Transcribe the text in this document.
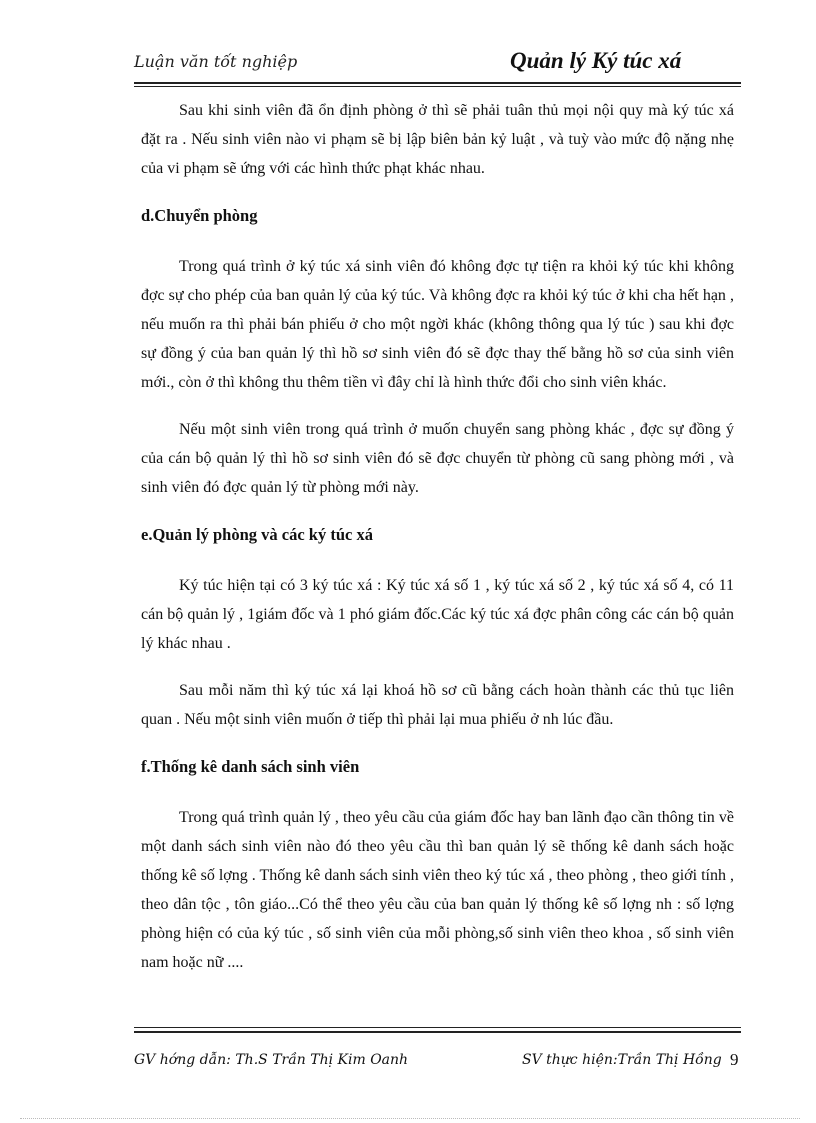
Luận văn tốt nghiệp	Quản lý Ký túc xá

Sau khi sinh viên đã ổn định phòng ở thì sẽ phải tuân thủ mọi nội quy mà ký túc xá đặt ra . Nếu sinh viên nào vi phạm sẽ bị lập biên bản kỷ luật , và tuỳ vào mức độ nặng nhẹ của vi phạm sẽ ứng với các hình thức phạt khác nhau.

d.Chuyển phòng

Trong quá trình ở ký túc xá sinh viên đó không đợc tự tiện ra khỏi ký túc khi không đợc sự cho phép của ban quản lý của ký túc. Và không đợc ra khỏi ký túc ở khi cha hết hạn , nếu muốn ra thì phải bán phiếu ở cho một ngời khác (không thông qua lý túc ) sau khi đợc sự đồng ý của ban quản lý thì hồ sơ sinh viên đó sẽ đợc thay thế bằng hồ sơ của sinh viên mới., còn ở thì không thu thêm tiền vì đây chỉ là hình thức đổi cho sinh viên khác.

Nếu một sinh viên trong quá trình ở muốn chuyển sang phòng khác , đợc sự đồng ý của cán bộ quản lý thì hồ sơ sinh viên đó sẽ đợc chuyển từ phòng cũ sang phòng mới , và sinh viên đó đợc quản lý từ phòng mới này.

e.Quản lý phòng và các ký túc xá

Ký túc hiện tại có 3 ký túc xá : Ký túc xá số 1 , ký túc xá số 2 , ký túc xá số 4, có 11 cán bộ quản lý , 1giám đốc và 1 phó giám đốc.Các ký túc xá đợc phân công các cán bộ quản lý khác nhau .

Sau mỗi năm thì ký túc xá lại khoá hồ sơ cũ bằng cách hoàn thành các thủ tục liên quan . Nếu một sinh viên muốn ở tiếp thì phải lại mua phiếu ở nh lúc đầu.

f.Thống kê danh sách sinh viên

Trong quá trình quản lý , theo yêu cầu của giám đốc hay ban lãnh đạo cần thông tin về một danh sách sinh viên nào đó theo yêu cầu thì ban quản lý sẽ thống kê danh sách hoặc thống kê số lợng . Thống kê danh sách sinh viên theo ký túc xá , theo phòng , theo giới tính , theo dân tộc , tôn giáo...Có thể theo yêu cầu của ban quản lý thống kê số lợng nh : số lợng phòng hiện có của ký túc , số sinh viên của mỗi phòng,số sinh viên theo khoa , số sinh viên nam hoặc nữ ....

GV hớng dẫn: Th.S Trần Thị Kim Oanh	SV thực hiện:Trần Thị Hồng 9
